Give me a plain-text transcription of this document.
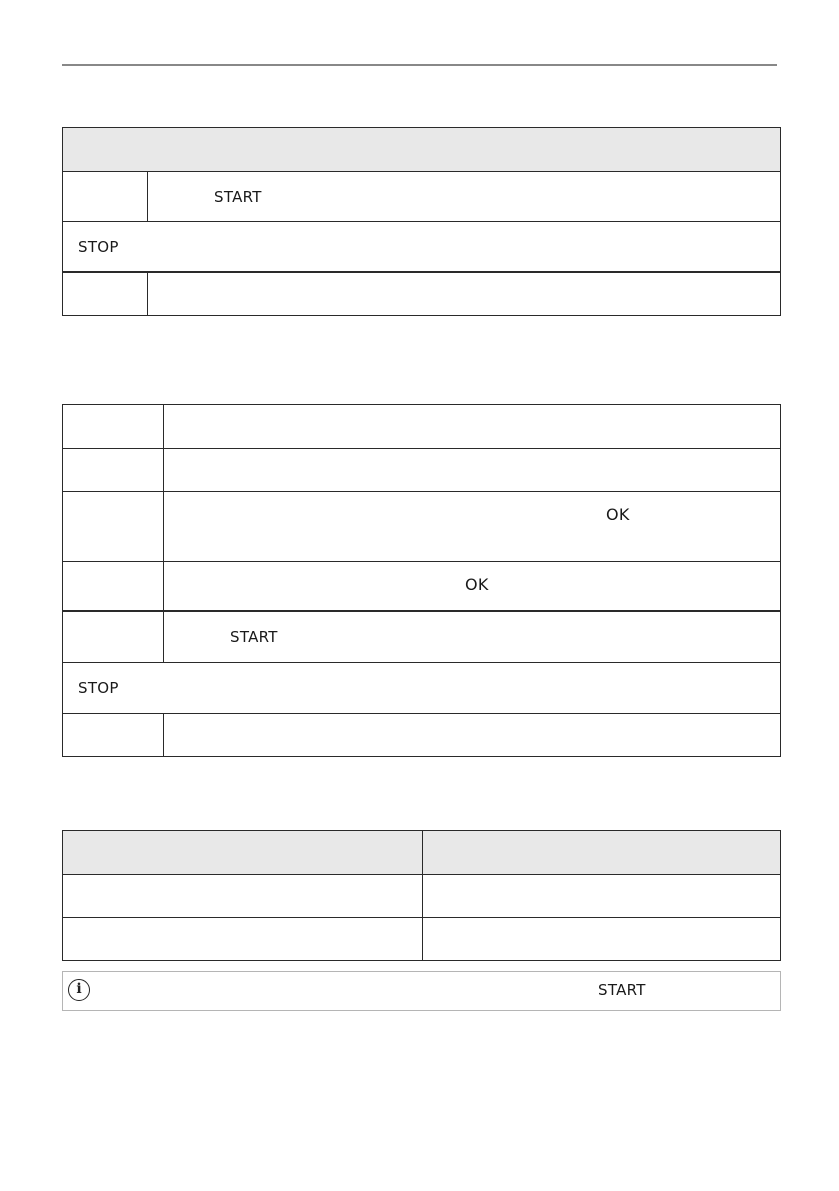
START
STOP
OK
OK
START
STOP
i	START
